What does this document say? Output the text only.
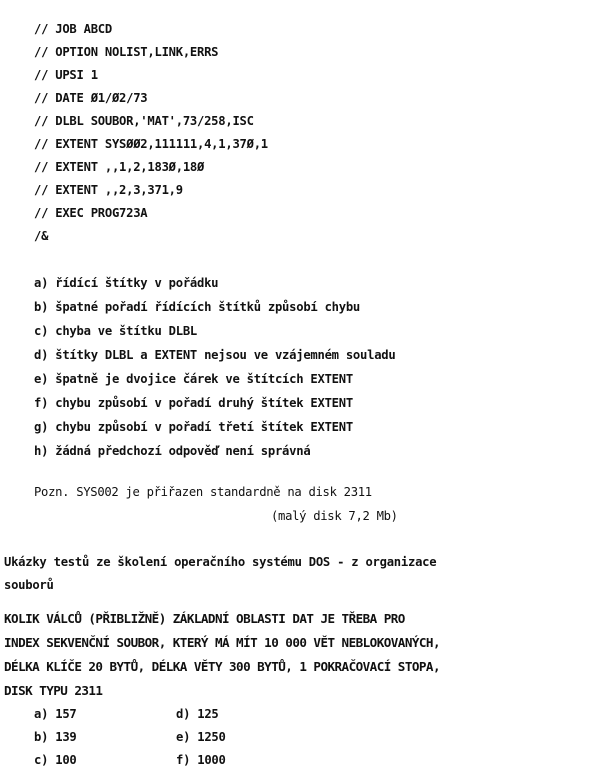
// JOB ABCD
// OPTION NOLIST,LINK,ERRS
// UPSI 1
// DATE Ø1/Ø2/73
// DLBL SOUBOR,'MAT',73/258,ISC
// EXTENT SYSØØ2,111111,4,1,37Ø,1
// EXTENT ,,1,2,183Ø,18Ø
// EXTENT ,,2,3,371,9
// EXEC PROG723A
/&
a) řídící štítky v pořádku
b) špatné pořadí řídících štítků způsobí chybu
c) chyba ve štítku DLBL
d) štítky DLBL a EXTENT nejsou ve vzájemném souladu
e) špatně je dvojice čárek ve štítcích EXTENT
f) chybu způsobí v pořadí druhý štítek EXTENT
g) chybu způsobí v pořadí třetí štítek EXTENT
h) žádná předchozí odpověď není správná
Pozn. SYS002 je přiřazen standardně na disk 2311
(malý disk 7,2 Mb)
Ukázky testů ze školení operačního systému DOS - z organizace
souborů
KOLIK VÁLCŮ (PŘIBLIŽNĚ) ZÁKLADNÍ OBLASTI DAT JE TŘEBA PRO
INDEX SEKVENČNÍ SOUBOR, KTERÝ MÁ MÍT 10 000 VĚT NEBLOKOVANÝCH,
DÉLKA KLÍČE 20 BYTŮ, DÉLKA VĚTY 300 BYTŮ, 1 POKRAČOVACÍ STOPA,
DISK TYPU 2311
a) 157
b) 139
c) 100
d) 125
e) 1250
f) 1000
